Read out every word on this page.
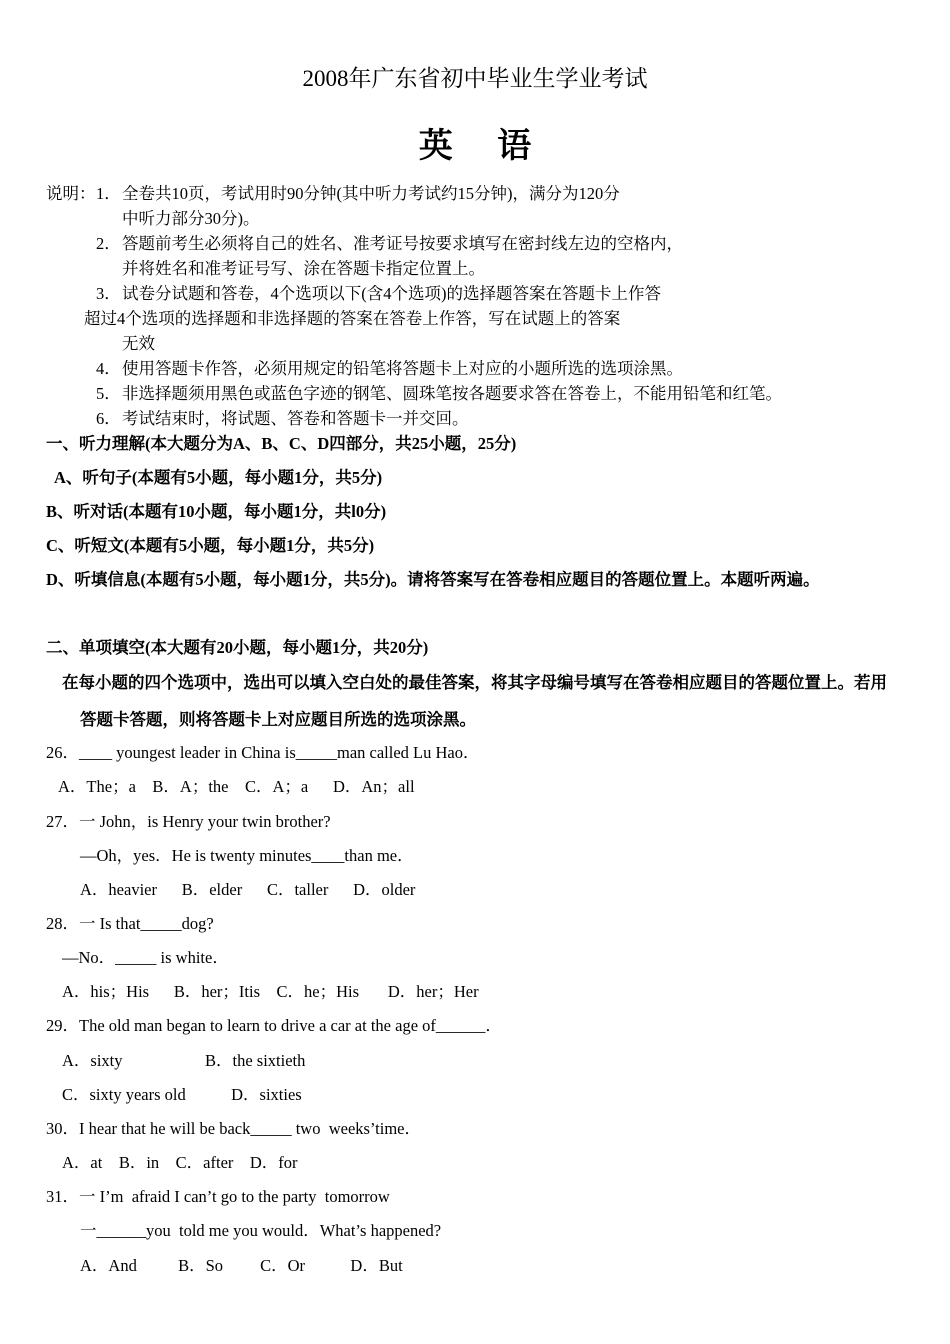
2008年广东省初中毕业生学业考试
英 语
说明： 1． 全卷共10页，考试用时90分钟(其中听力考试约15分钟)，满分为120分
中听力部分30分)。
2． 答题前考生必须将自己的姓名、准考证号按要求填写在密封线左边的空格内，
并将姓名和准考证号写、涂在答题卡指定位置上。
3． 试卷分试题和答卷，4个选项以下(含4个选项)的选择题答案在答题卡上作答
超过4个选项的选择题和非选择题的答案在答卷上作答，写在试题上的答案
无效
4． 使用答题卡作答，必须用规定的铅笔将答题卡上对应的小题所选的选项涂黑。
5． 非选择题须用黑色或蓝色字迹的钢笔、圆珠笔按各题要求答在答卷上，不能用铅笔和红笔。
6． 考试结束时，将试题、答卷和答题卡一并交回。
一、听力理解(本大题分为A、B、C、D四部分，共25小题，25分)
A、听句子(本题有5小题，每小题1分，共5分)
B、听对话(本题有10小题，每小题1分，共l0分)
C、听短文(本题有5小题，每小题1分，共5分)
D、听填信息(本题有5小题，每小题1分，共5分)。请将答案写在答卷相应题目的答题位置上。本题听两遍。
二、单项填空(本大题有20小题，每小题1分，共20分)
在每小题的四个选项中，选出可以填入空白处的最佳答案，将其字母编号填写在答卷相应题目的答题位置上。若用
答题卡答题，则将答题卡上对应题目所选的选项涂黑。
26．____ youngest leader in China is_____man called Lu Hao．
A．The；a    B．A；the    C．A；a      D．An；all
27．一 John，is Henry your twin brother?
—Oh，yes．He is twenty minutes____than me．
A．heavier      B．elder      C．taller      D．older
28．一 Is that_____dog?
—No．_____ is white．
A．his；His      B．her；Itis    C．he；His       D．her；Her
29．The old man began to learn to drive a car at the age of______．
A．sixty                    B．the sixtieth
C．sixty years old           D．sixties
30．I hear that he will be back_____ two  weeks’time．
A．at    B．in    C．after    D．for
31．一 I’m  afraid I can’t go to the party  tomorrow
一______you  told me you would．What’s happened?
A．And          B．So         C．Or           D．But
